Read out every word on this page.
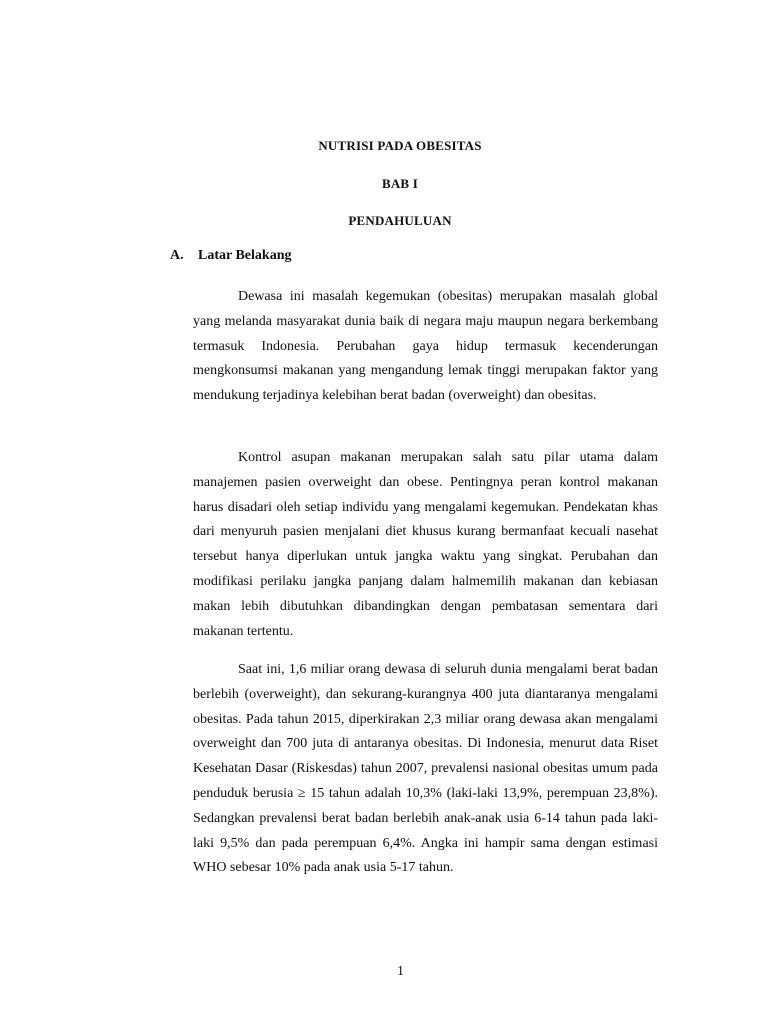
NUTRISI PADA OBESITAS
BAB I
PENDAHULUAN
A. Latar Belakang

Dewasa ini masalah kegemukan (obesitas) merupakan masalah global yang melanda masyarakat dunia baik di negara maju maupun negara berkembang termasuk Indonesia. Perubahan gaya hidup termasuk kecenderungan mengkonsumsi makanan yang mengandung lemak tinggi merupakan faktor yang mendukung terjadinya kelebihan berat badan (overweight) dan obesitas.

Kontrol asupan makanan merupakan salah satu pilar utama dalam manajemen pasien overweight dan obese. Pentingnya peran kontrol makanan harus disadari oleh setiap individu yang mengalami kegemukan. Pendekatan khas dari menyuruh pasien menjalani diet khusus kurang bermanfaat kecuali nasehat tersebut hanya diperlukan untuk jangka waktu yang singkat. Perubahan dan modifikasi perilaku jangka panjang dalam halmemilih makanan dan kebiasan makan lebih dibutuhkan dibandingkan dengan pembatasan sementara dari makanan tertentu.

Saat ini, 1,6 miliar orang dewasa di seluruh dunia mengalami berat badan berlebih (overweight), dan sekurang-kurangnya 400 juta diantaranya mengalami obesitas. Pada tahun 2015, diperkirakan 2,3 miliar orang dewasa akan mengalami overweight dan 700 juta di antaranya obesitas. Di Indonesia, menurut data Riset Kesehatan Dasar (Riskesdas) tahun 2007, prevalensi nasional obesitas umum pada penduduk berusia ≥ 15 tahun adalah 10,3% (laki-laki 13,9%, perempuan 23,8%). Sedangkan prevalensi berat badan berlebih anak-anak usia 6-14 tahun pada laki-laki 9,5% dan pada perempuan 6,4%. Angka ini hampir sama dengan estimasi WHO sebesar 10% pada anak usia 5-17 tahun.

1
